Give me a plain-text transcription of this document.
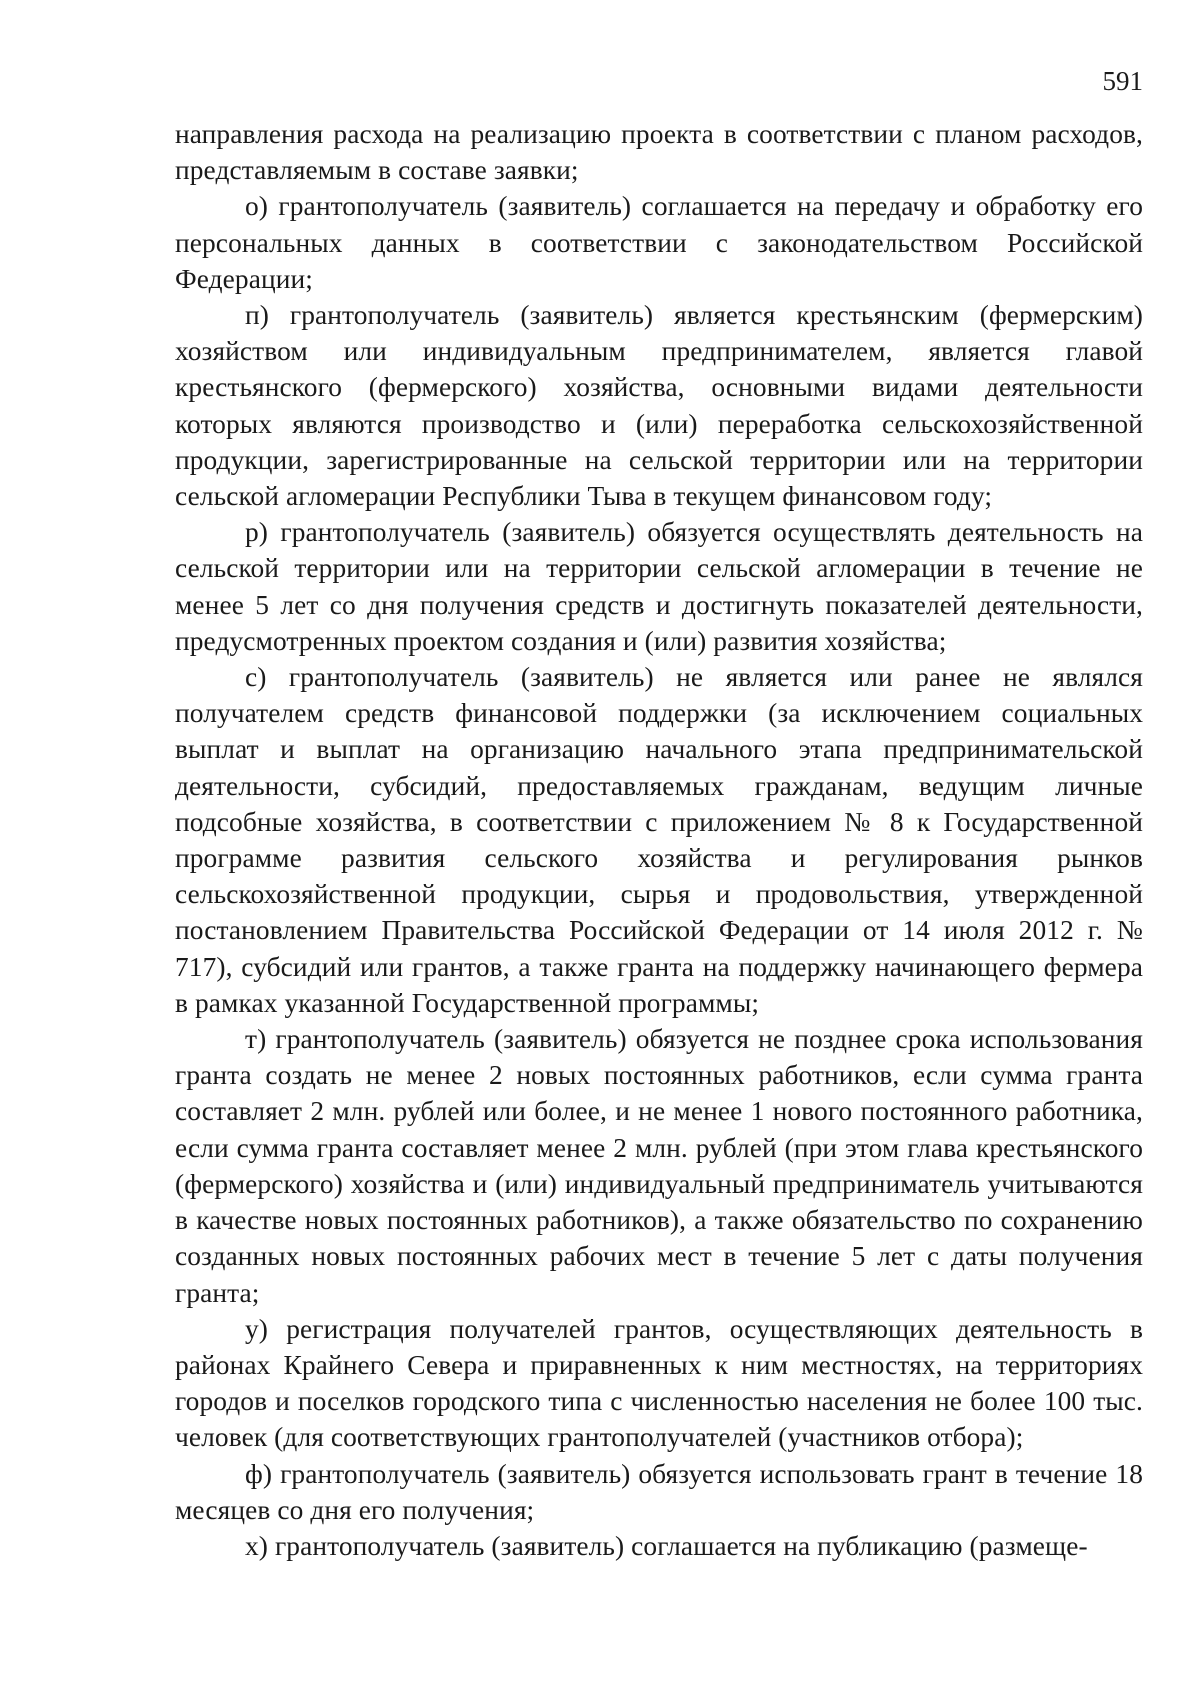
591

направления расхода на реализацию проекта в соответствии с планом расходов, представляемым в составе заявки;

о) грантополучатель (заявитель) соглашается на передачу и обработку его персональных данных в соответствии с законодательством Российской Федерации;

п) грантополучатель (заявитель) является крестьянским (фермерским) хозяйством или индивидуальным предпринимателем, является главой крестьянского (фермерского) хозяйства, основными видами деятельности которых являются производство и (или) переработка сельскохозяйственной продукции, зарегистрированные на сельской территории или на территории сельской агломерации Республики Тыва в текущем финансовом году;

р) грантополучатель (заявитель) обязуется осуществлять деятельность на сельской территории или на территории сельской агломерации в течение не менее 5 лет со дня получения средств и достигнуть показателей деятельности, предусмотренных проектом создания и (или) развития хозяйства;

с) грантополучатель (заявитель) не является или ранее не являлся получателем средств финансовой поддержки (за исключением социальных выплат и выплат на организацию начального этапа предпринимательской деятельности, субсидий, предоставляемых гражданам, ведущим личные подсобные хозяйства, в соответствии с приложением № 8 к Государственной программе развития сельского хозяйства и регулирования рынков сельскохозяйственной продукции, сырья и продовольствия, утвержденной постановлением Правительства Российской Федерации от 14 июля 2012 г. № 717), субсидий или грантов, а также гранта на поддержку начинающего фермера в рамках указанной Государственной программы;

т) грантополучатель (заявитель) обязуется не позднее срока использования гранта создать не менее 2 новых постоянных работников, если сумма гранта составляет 2 млн. рублей или более, и не менее 1 нового постоянного работника, если сумма гранта составляет менее 2 млн. рублей (при этом глава крестьянского (фермерского) хозяйства и (или) индивидуальный предприниматель учитываются в качестве новых постоянных работников), а также обязательство по сохранению созданных новых постоянных рабочих мест в течение 5 лет с даты получения гранта;

у) регистрация получателей грантов, осуществляющих деятельность в районах Крайнего Севера и приравненных к ним местностях, на территориях городов и поселков городского типа с численностью населения не более 100 тыс. человек (для соответствующих грантополучателей (участников отбора);

ф) грантополучатель (заявитель) обязуется использовать грант в течение 18 месяцев со дня его получения;

х) грантополучатель (заявитель) соглашается на публикацию (размеще-
